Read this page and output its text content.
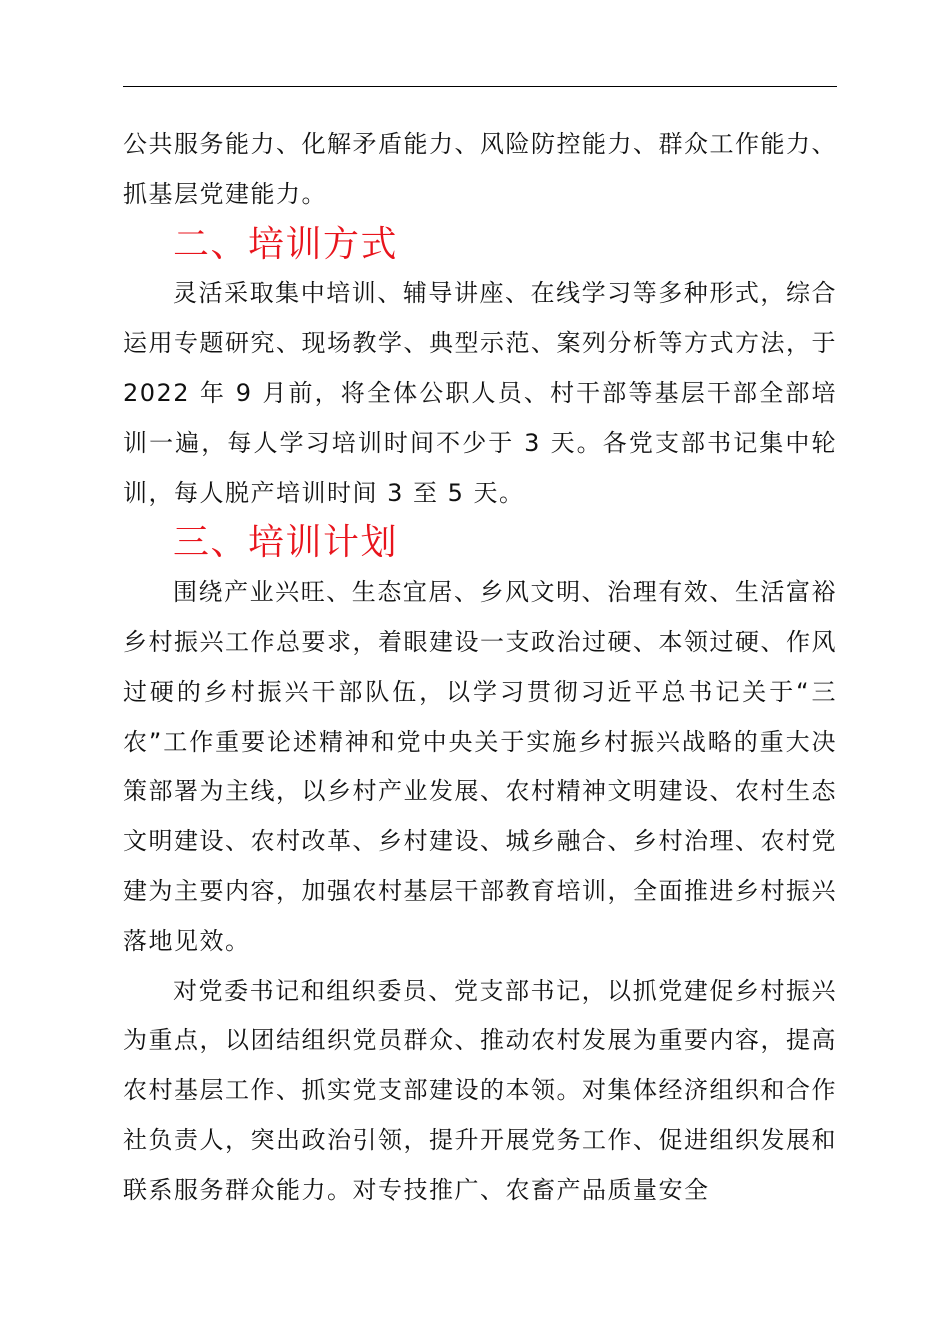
公共服务能力、化解矛盾能力、风险防控能力、群众工作能力、抓基层党建能力。

二、培训方式

灵活采取集中培训、辅导讲座、在线学习等多种形式，综合运用专题研究、现场教学、典型示范、案列分析等方式方法，于 2022 年 9 月前，将全体公职人员、村干部等基层干部全部培训一遍，每人学习培训时间不少于 3 天。各党支部书记集中轮训，每人脱产培训时间 3 至 5 天。

三、培训计划

围绕产业兴旺、生态宜居、乡风文明、治理有效、生活富裕乡村振兴工作总要求，着眼建设一支政治过硬、本领过硬、作风过硬的乡村振兴干部队伍，以学习贯彻习近平总书记关于“三农”工作重要论述精神和党中央关于实施乡村振兴战略的重大决策部署为主线，以乡村产业发展、农村精神文明建设、农村生态文明建设、农村改革、乡村建设、城乡融合、乡村治理、农村党建为主要内容，加强农村基层干部教育培训，全面推进乡村振兴落地见效。

对党委书记和组织委员、党支部书记，以抓党建促乡村振兴为重点，以团结组织党员群众、推动农村发展为重要内容，提高农村基层工作、抓实党支部建设的本领。对集体经济组织和合作社负责人，突出政治引领，提升开展党务工作、促进组织发展和联系服务群众能力。对专技推广、农畜产品质量安全
